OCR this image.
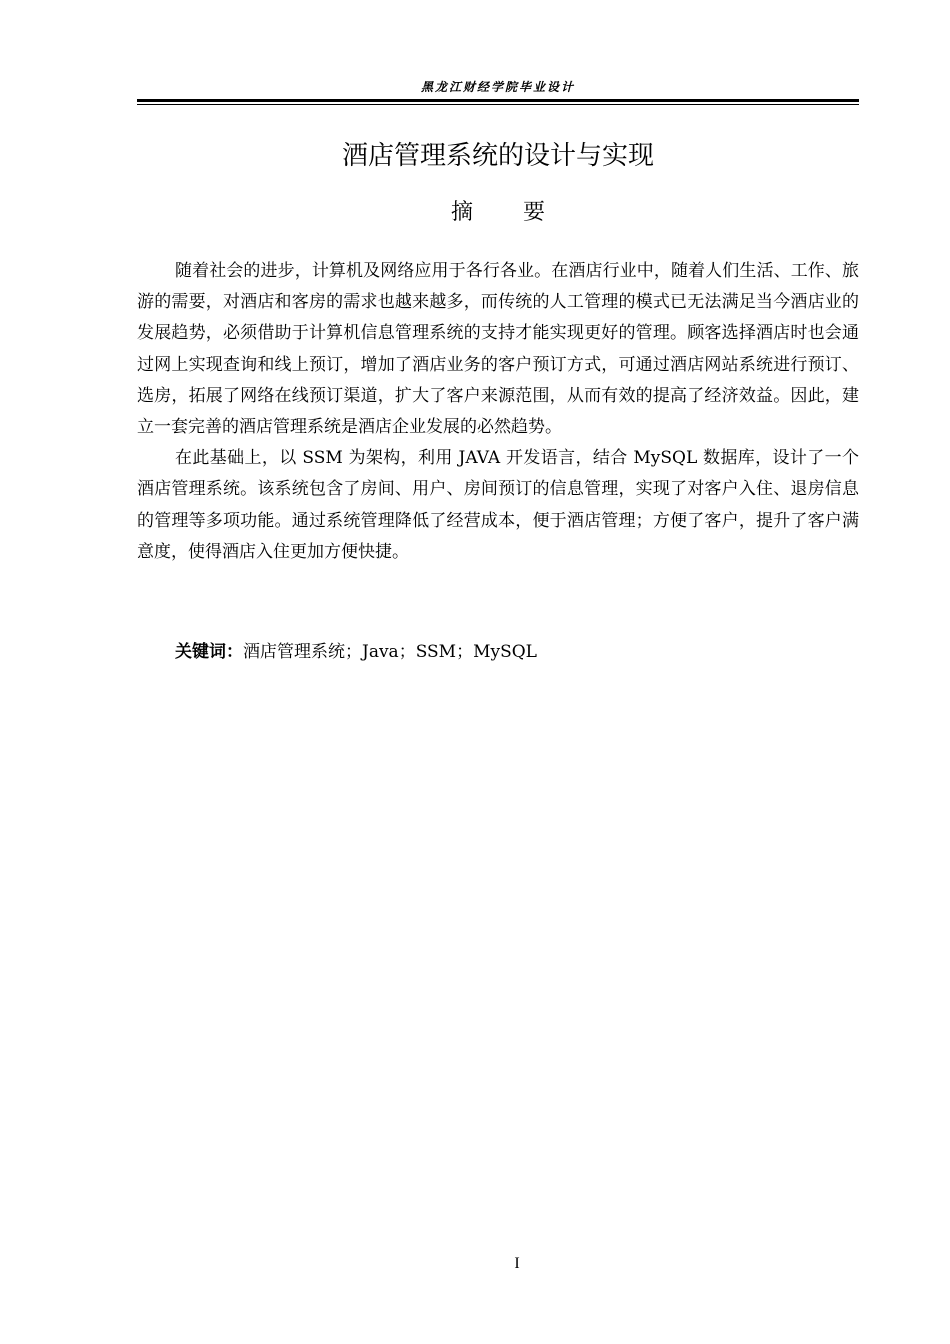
黑龙江财经学院毕业设计
酒店管理系统的设计与实现
摘 要

随着社会的进步，计算机及网络应用于各行各业。在酒店行业中，随着人们生活、工作、旅游的需要，对酒店和客房的需求也越来越多，而传统的人工管理的模式已无法满足当今酒店业的发展趋势，必须借助于计算机信息管理系统的支持才能实现更好的管理。顾客选择酒店时也会通过网上实现查询和线上预订，增加了酒店业务的客户预订方式，可通过酒店网站系统进行预订、选房，拓展了网络在线预订渠道，扩大了客户来源范围，从而有效的提高了经济效益。因此，建立一套完善的酒店管理系统是酒店企业发展的必然趋势。

在此基础上，以 SSM 为架构，利用 JAVA 开发语言，结合 MySQL 数据库，设计了一个酒店管理系统。该系统包含了房间、用户、房间预订的信息管理，实现了对客户入住、退房信息的管理等多项功能。通过系统管理降低了经营成本，便于酒店管理；方便了客户，提升了客户满意度，使得酒店入住更加方便快捷。

关键词：酒店管理系统；Java；SSM；MySQL
I
